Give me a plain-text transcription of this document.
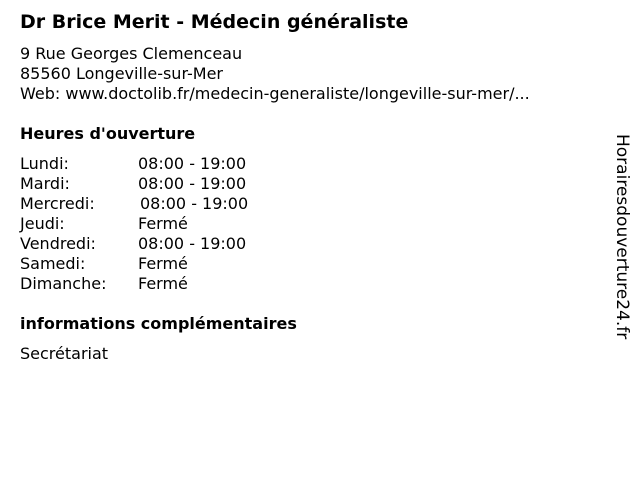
Dr Brice Merit - Médecin généraliste
9 Rue Georges Clemenceau
85560 Longeville-sur-Mer
Web: www.doctolib.fr/medecin-generaliste/longeville-sur-mer/...
Heures d'ouverture
Lundi:	08:00 - 19:00
Mardi:	08:00 - 19:00
Mercredi:	08:00 - 19:00
Jeudi:	Fermé
Vendredi:	08:00 - 19:00
Samedi:	Fermé
Dimanche: Fermé
informations complémentaires
Secrétariat
Horairesdouverture24.fr
